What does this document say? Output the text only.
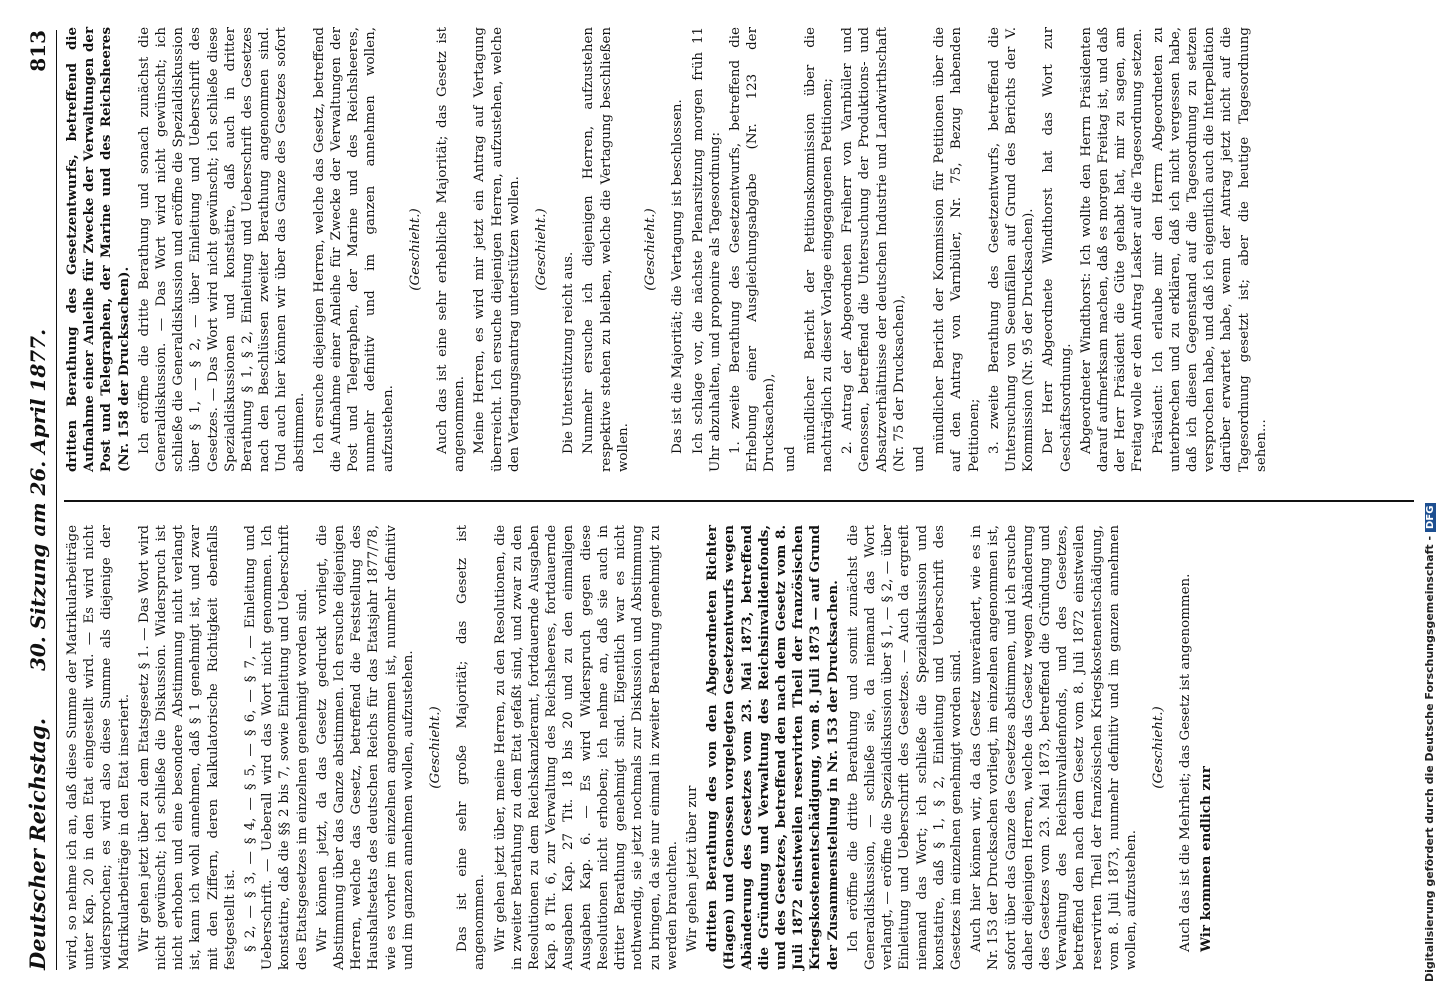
Deutscher Reichstag.
30. Sitzung am 26. April 1877.
813

wird, so nehme ich an, daß diese Summe der Matrikularbeiträge unter Kap. 20 in den Etat eingestellt wird. — Es wird nicht widersprochen; es wird also diese Summe als diejenige der Matrikularbeiträge in den Etat inseriert. Wir gehen jetzt über zu dem Etatsgesetz § 1. — Das Wort wird nicht gewünscht; ich schließe die Diskussion. Widerspruch ist nicht erhoben und eine besondere Abstimmung nicht verlangt ist, kann ich wohl annehmen, daß § 1 genehmigt ist, und zwar mit den Ziffern, deren kalkulatorische Richtigkeit ebenfalls festgestellt ist. § 2, — § 3, — § 4, — § 5, — § 6, — § 7, — Einleitung und Ueberschrift. — Ueberall wird das Wort nicht genommen. Ich konstatire, daß die §§ 2 bis 7, sowie Einleitung und Ueberschrift des Etatsgesetzes im einzelnen genehmigt worden sind. Wir können jetzt, da das Gesetz gedruckt vorliegt, die Abstimmung über das Ganze abstimmen. Ich ersuche diejenigen Herren, welche das Gesetz, betreffend die Feststellung des Haushaltsetats des deutschen Reichs für das Etatsjahr 1877/78, wie es vorher im einzelnen angenommen ist, nunmehr definitiv und im ganzen annehmen wollen, aufzustehen. (Geschieht.) Das ist eine sehr große Majorität; das Gesetz ist angenommen. Wir gehen jetzt über, meine Herren, zu den Resolutionen, die in zweiter Berathung zu dem Etat gefaßt sind, und zwar zu den Resolutionen zu dem Reichskanzleramt, fortdauernde Ausgaben Kap. 8 Tit. 6, zur Verwaltung des Reichsheeres, fortdauernde Ausgaben Kap. 27 Tit. 18 bis 20 und zu den einmaligen Ausgaben Kap. 6. — Es wird Widerspruch gegen diese Resolutionen nicht erhoben; ich nehme an, daß sie auch in dritter Berathung genehmigt sind. Eigentlich war es nicht nothwendig, sie jetzt nochmals zur Diskussion und Abstimmung zu bringen, da sie nur einmal in zweiter Berathung genehmigt zu werden brauchten. Wir gehen jetzt über zur dritten Berathung des von den Abgeordneten Richter (Hagen) und Genossen vorgelegten Gesetzentwurfs wegen Abänderung des Gesetzes vom 23. Mai 1873, betreffend die Gründung und Verwaltung des Reichsinvalidenfonds, und des Gesetzes, betreffend den nach dem Gesetz vom 8. Juli 1872 einstweilen reservirten Theil der französischen Kriegskostenentschädigung, vom 8. Juli 1873 — auf Grund der Zusammenstellung in Nr. 153 der Drucksachen. Ich eröffne die dritte Berathung und somit zunächst die Generaldiskussion, — schließe sie, da niemand das Wort verlangt, — eröffne die Spezialdiskussion über § 1, — § 2, — über Einleitung und Ueberschrift des Gesetzes. — Auch da ergreift niemand das Wort; ich schließe die Spezialdiskussion und konstatire, daß § 1, § 2, Einleitung und Ueberschrift des Gesetzes im einzelnen genehmigt worden sind. Auch hier können wir, da das Gesetz unverändert, wie es in Nr. 153 der Drucksachen vorliegt, im einzelnen angenommen ist, sofort über das Ganze des Gesetzes abstimmen, und ich ersuche daher diejenigen Herren, welche das Gesetz wegen Abänderung des Gesetzes vom 23. Mai 1873, betreffend die Gründung und Verwaltung des Reichsinvalidenfonds, und des Gesetzes, betreffend den nach dem Gesetz vom 8. Juli 1872 einstweilen reservirten Theil der französischen Kriegskostenentschädigung, vom 8. Juli 1873, nunmehr definitiv und im ganzen annehmen wollen, aufzustehen.

(Geschieht.) Auch das ist die Mehrheit; das Gesetz ist angenommen. Wir kommen endlich zur

dritten Berathung des Gesetzentwurfs, betreffend die Aufnahme einer Anleihe für Zwecke der Verwaltungen der Post und Telegraphen, der Marine und des Reichsheeres (Nr. 158 der Drucksachen). Ich eröffne die dritte Berathung und sonach zunächst die Generaldiskussion. — Das Wort wird nicht gewünscht; ich schließe die Generaldiskussion und eröffne die Spezialdiskussion über § 1, — § 2, — über Einleitung und Ueberschrift des Gesetzes. — Das Wort wird nicht gewünscht; ich schließe diese Spezialdiskussionen und konstatire, daß auch in dritter Berathung § 1, § 2, Einleitung und Ueberschrift des Gesetzes nach den Beschlüssen zweiter Berathung angenommen sind. Und auch hier können wir über das Ganze des Gesetzes sofort abstimmen. Ich ersuche diejenigen Herren, welche das Gesetz, betreffend die Aufnahme einer Anleihe für Zwecke der Verwaltungen der Post und Telegraphen, der Marine und des Reichsheeres, nunmehr definitiv und im ganzen annehmen wollen, aufzustehen.

(Geschieht.) Auch das ist eine sehr erhebliche Majorität; das Gesetz ist angenommen. Meine Herren, es wird mir jetzt ein Antrag auf Vertagung überreicht. Ich ersuche diejenigen Herren, aufzustehen, welche den Vertagungsantrag unterstützen wollen. (Geschieht.)

Die Unterstützung reicht aus. Nunmehr ersuche ich diejenigen Herren, aufzustehen respektive stehen zu bleiben, welche die Vertagung beschließen wollen.

(Geschieht.) Das ist die Majorität; die Vertagung ist beschlossen. Ich schlage vor, die nächste Plenarsitzung morgen früh 11 Uhr abzuhalten, und proponire als Tagesordnung: 1. zweite Berathung des Gesetzentwurfs, betreffend die Erhebung einer Ausgleichungsabgabe (Nr. 123 der Drucksachen), und

mündlicher Bericht der Petitionskommission über die nachträglich zu dieser Vorlage eingegangenen Petitionen; 2. Antrag der Abgeordneten Freiherr von Varnbüler und Genossen, betreffend die Untersuchung der Produktions- und Absatzverhältnisse der deutschen Industrie und Landwirthschaft (Nr. 75 der Drucksachen), und

mündlicher Bericht der Kommission für Petitionen über die auf den Antrag von Varnbüler, Nr. 75, Bezug habenden Petitionen; 3. zweite Berathung des Gesetzentwurfs, betreffend die Untersuchung von Seeunfällen auf Grund des Berichts der V. Kommission (Nr. 95 der Drucksachen). Der Herr Abgeordnete Windthorst hat das Wort zur Geschäftsordnung. Abgeordneter Windthorst: Ich wollte den Herrn Präsidenten darauf aufmerksam machen, daß es morgen Freitag ist, und daß der Herr Präsident die Güte gehabt hat, mir zu sagen, am Freitag wolle er den Antrag Lasker auf die Tagesordnung setzen. Präsident: Ich erlaube mir den Herrn Abgeordneten zu unterbrechen und zu erklären, daß ich nicht vergessen habe, daß ich diesen Gegenstand auf die Tagesordnung zu setzen versprochen habe, und daß ich eigentlich auch die Interpellation darüber erwartet habe, wenn der Antrag jetzt nicht auf die Tagesordnung gesetzt ist; aber die heutige Tagesordnung sehen...

Digitalisierung gefördert durch die Deutsche Forschungsgemeinschaft -DFG
